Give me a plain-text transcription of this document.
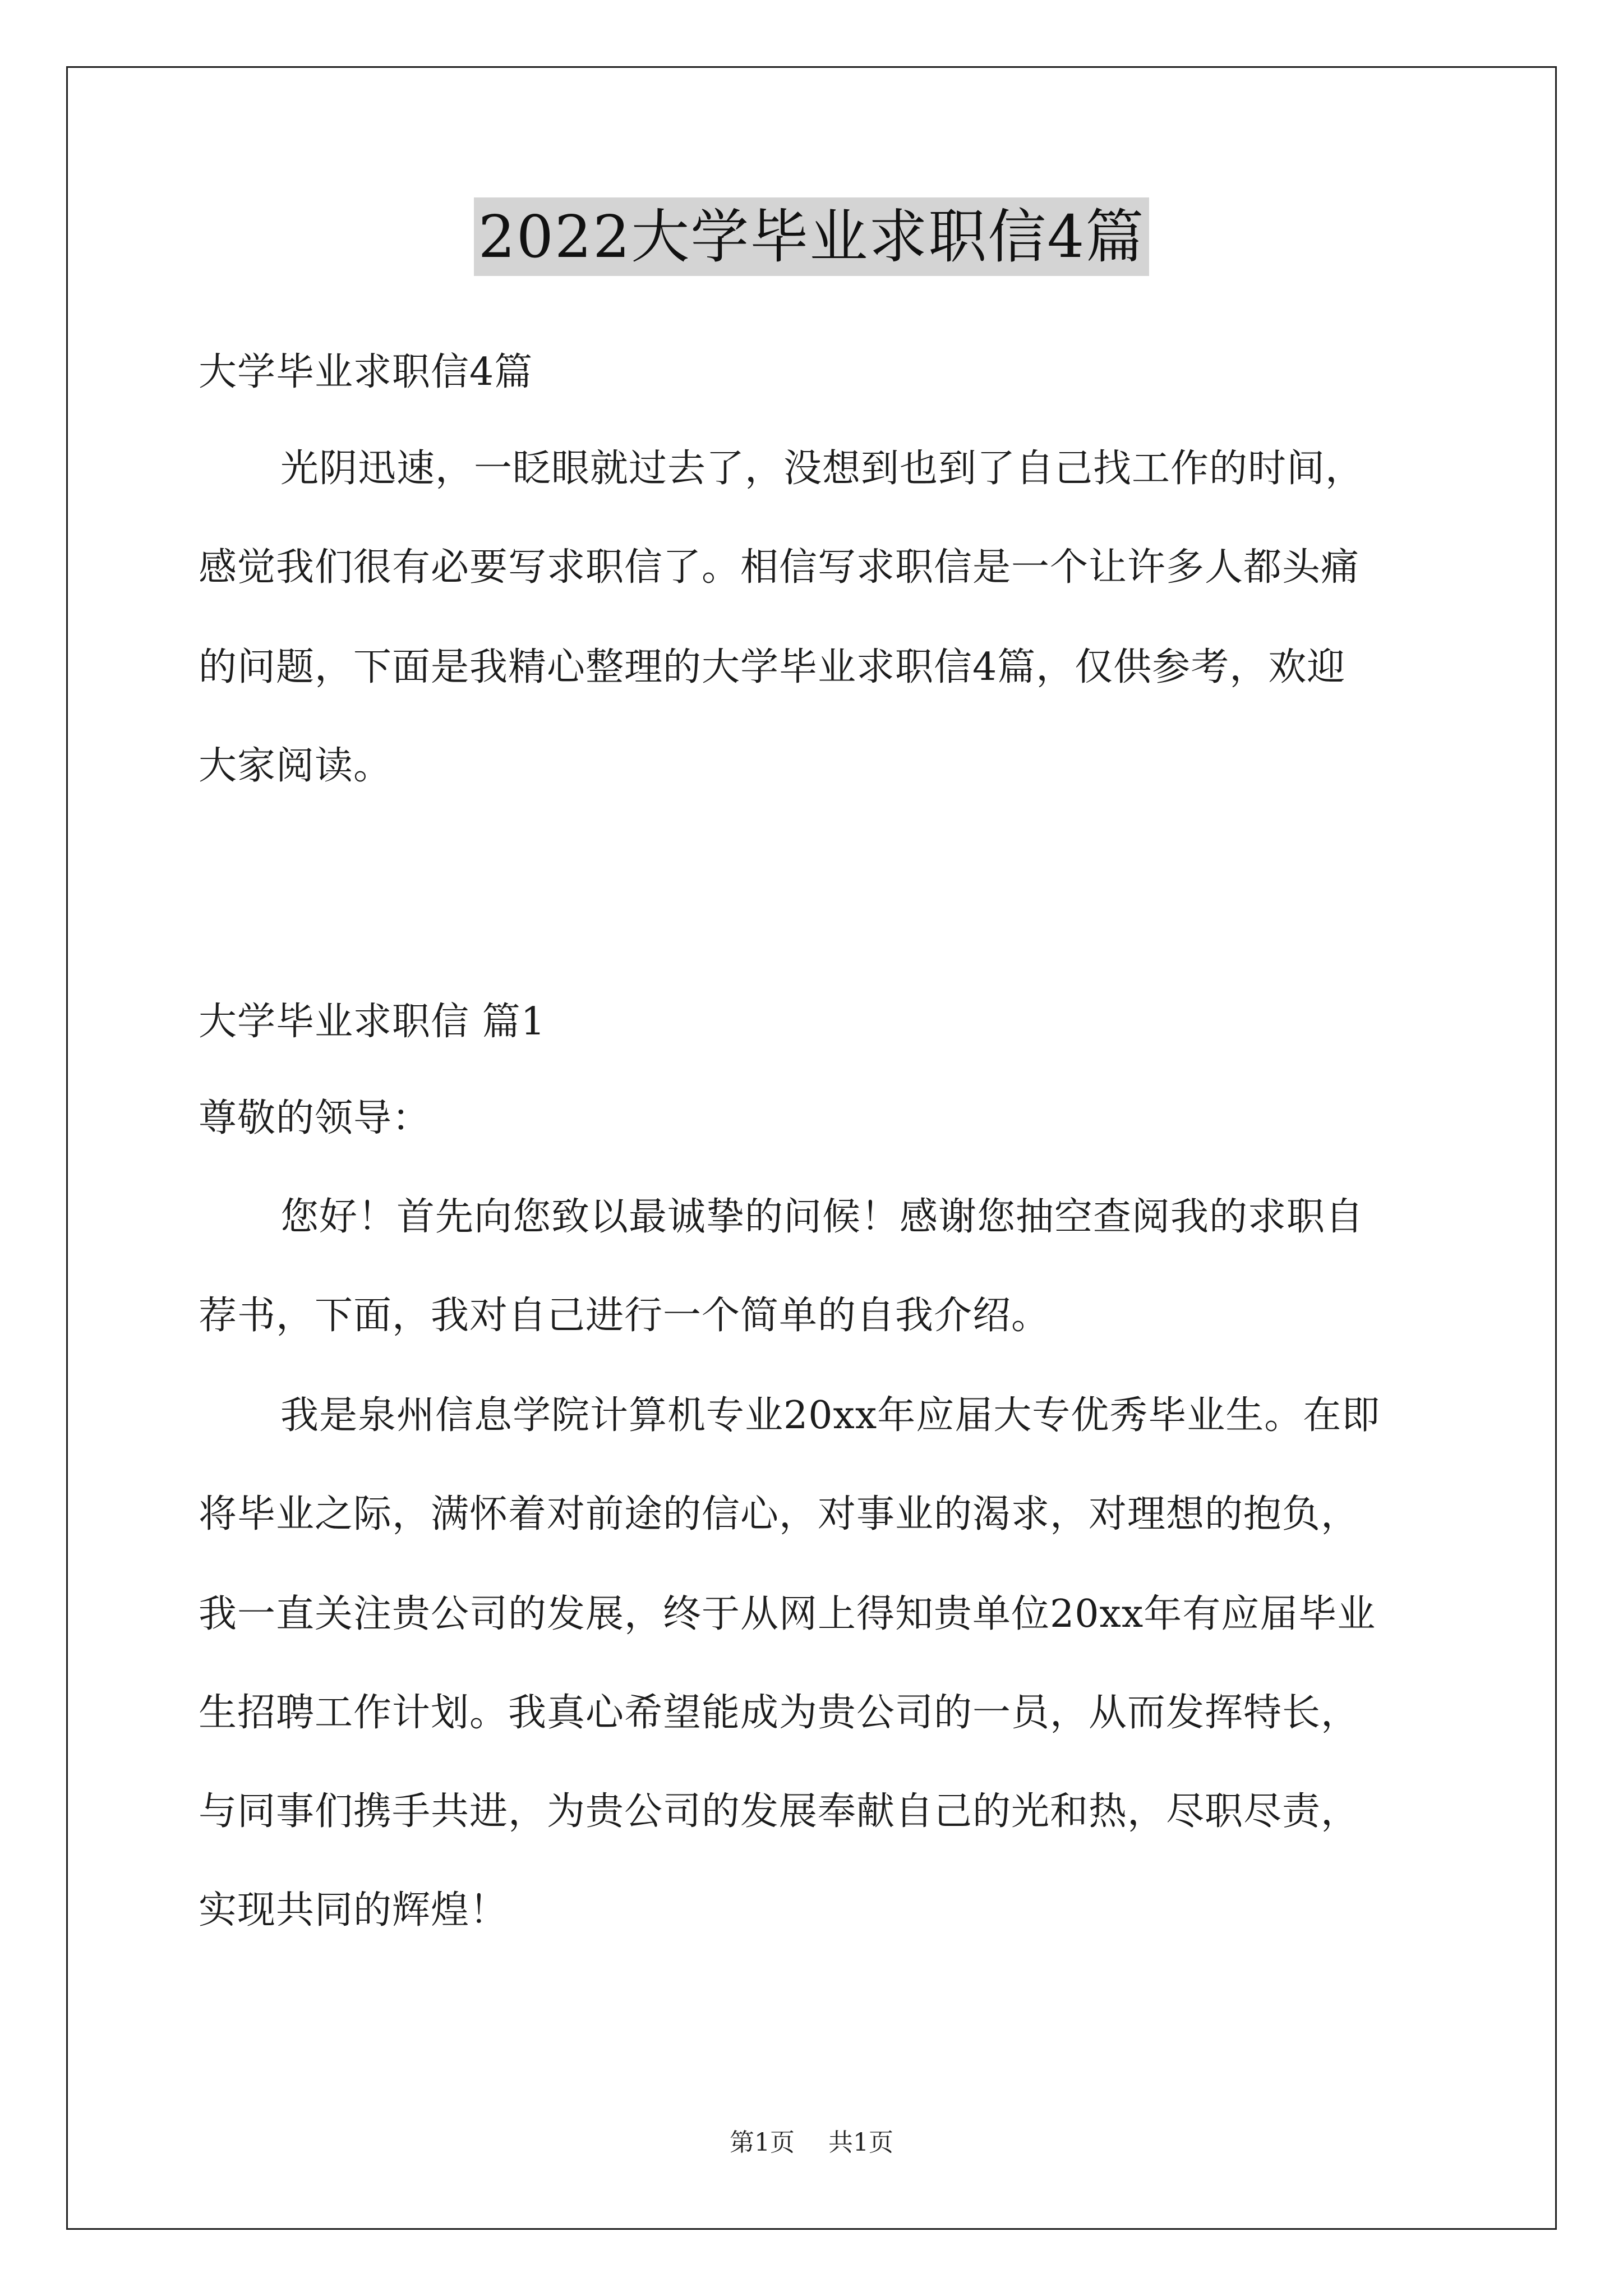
2022大学毕业求职信4篇
大学毕业求职信4篇
光阴迅速，一眨眼就过去了，没想到也到了自己找工作的时间，
感觉我们很有必要写求职信了。相信写求职信是一个让许多人都头痛
的问题，下面是我精心整理的大学毕业求职信4篇，仅供参考，欢迎
大家阅读。
大学毕业求职信 篇1
尊敬的领导：
您好！首先向您致以最诚挚的问候！感谢您抽空查阅我的求职自
荐书，下面，我对自己进行一个简单的自我介绍。
我是泉州信息学院计算机专业20xx年应届大专优秀毕业生。在即
将毕业之际，满怀着对前途的信心，对事业的渴求，对理想的抱负，
我一直关注贵公司的发展，终于从网上得知贵单位20xx年有应届毕业
生招聘工作计划。我真心希望能成为贵公司的一员，从而发挥特长，
与同事们携手共进，为贵公司的发展奉献自己的光和热，尽职尽责，
实现共同的辉煌！
第1页 共1页
